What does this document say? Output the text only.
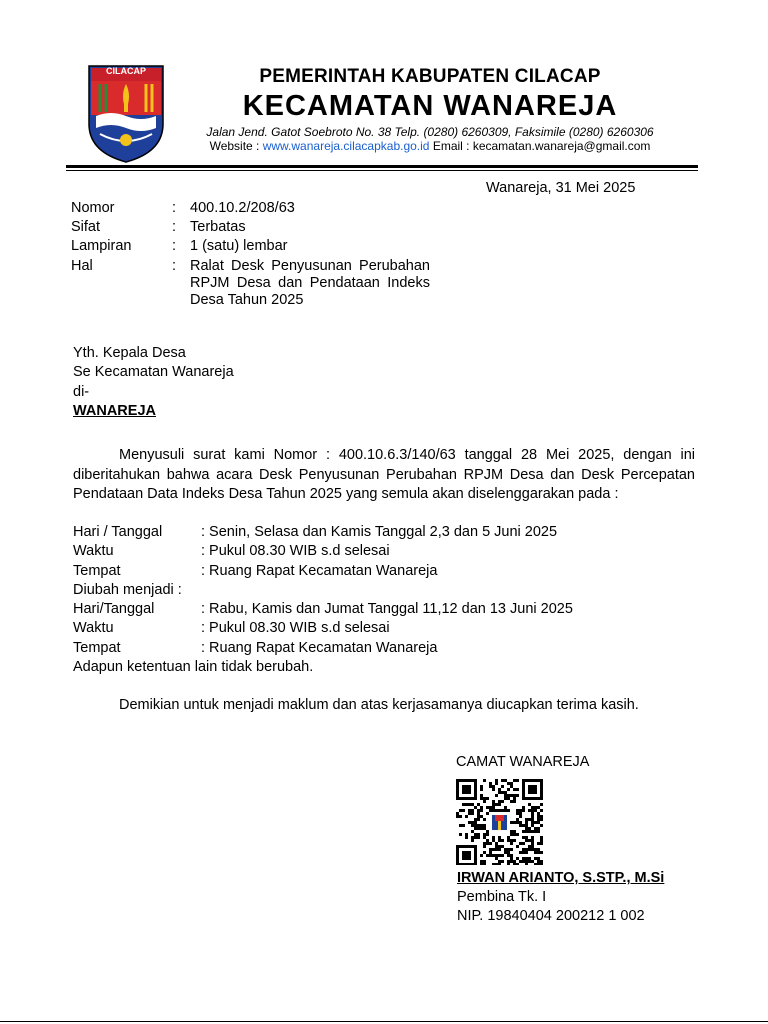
CILACAP	PEMERINTAH KABUPATEN CILACAP
KECAMATAN WANAREJA
Jalan Jend. Gatot Soebroto No. 38 Telp. (0280) 6260309, Faksimile (0280) 6260306
Website : www.wanareja.cilacapkab.go.id Email : kecamatan.wanareja@gmail.com
Wanareja, 31 Mei 2025
Nomor	: 400.10.2/208/63
Sifat	: Terbatas
Lampiran	: 1 (satu) lembar
Hal	: Ralat Desk Penyusunan Perubahan RPJM Desa dan Pendataan Indeks Desa Tahun 2025
Yth. Kepala Desa
Se Kecamatan Wanareja
di-
WANAREJA
Menyusuli surat kami Nomor : 400.10.6.3/140/63 tanggal 28 Mei 2025, dengan ini diberitahukan bahwa acara Desk Penyusunan Perubahan RPJM Desa dan Desk Percepatan Pendataan Data Indeks Desa Tahun 2025 yang semula akan diselenggarakan pada :
Hari / Tanggal	: Senin, Selasa dan Kamis Tanggal 2,3 dan 5 Juni 2025
Waktu	: Pukul 08.30 WIB s.d selesai
Tempat	: Ruang Rapat Kecamatan Wanareja
Diubah menjadi :
Hari/Tanggal	: Rabu, Kamis dan Jumat Tanggal 11,12 dan 13 Juni 2025
Waktu	: Pukul 08.30 WIB s.d selesai
Tempat	: Ruang Rapat Kecamatan Wanareja
Adapun ketentuan lain tidak berubah.
Demikian untuk menjadi maklum dan atas kerjasamanya diucapkan terima kasih.
CAMAT WANAREJA
IRWAN ARIANTO, S.STP., M.Si
Pembina Tk. I
NIP. 19840404 200212 1 002
